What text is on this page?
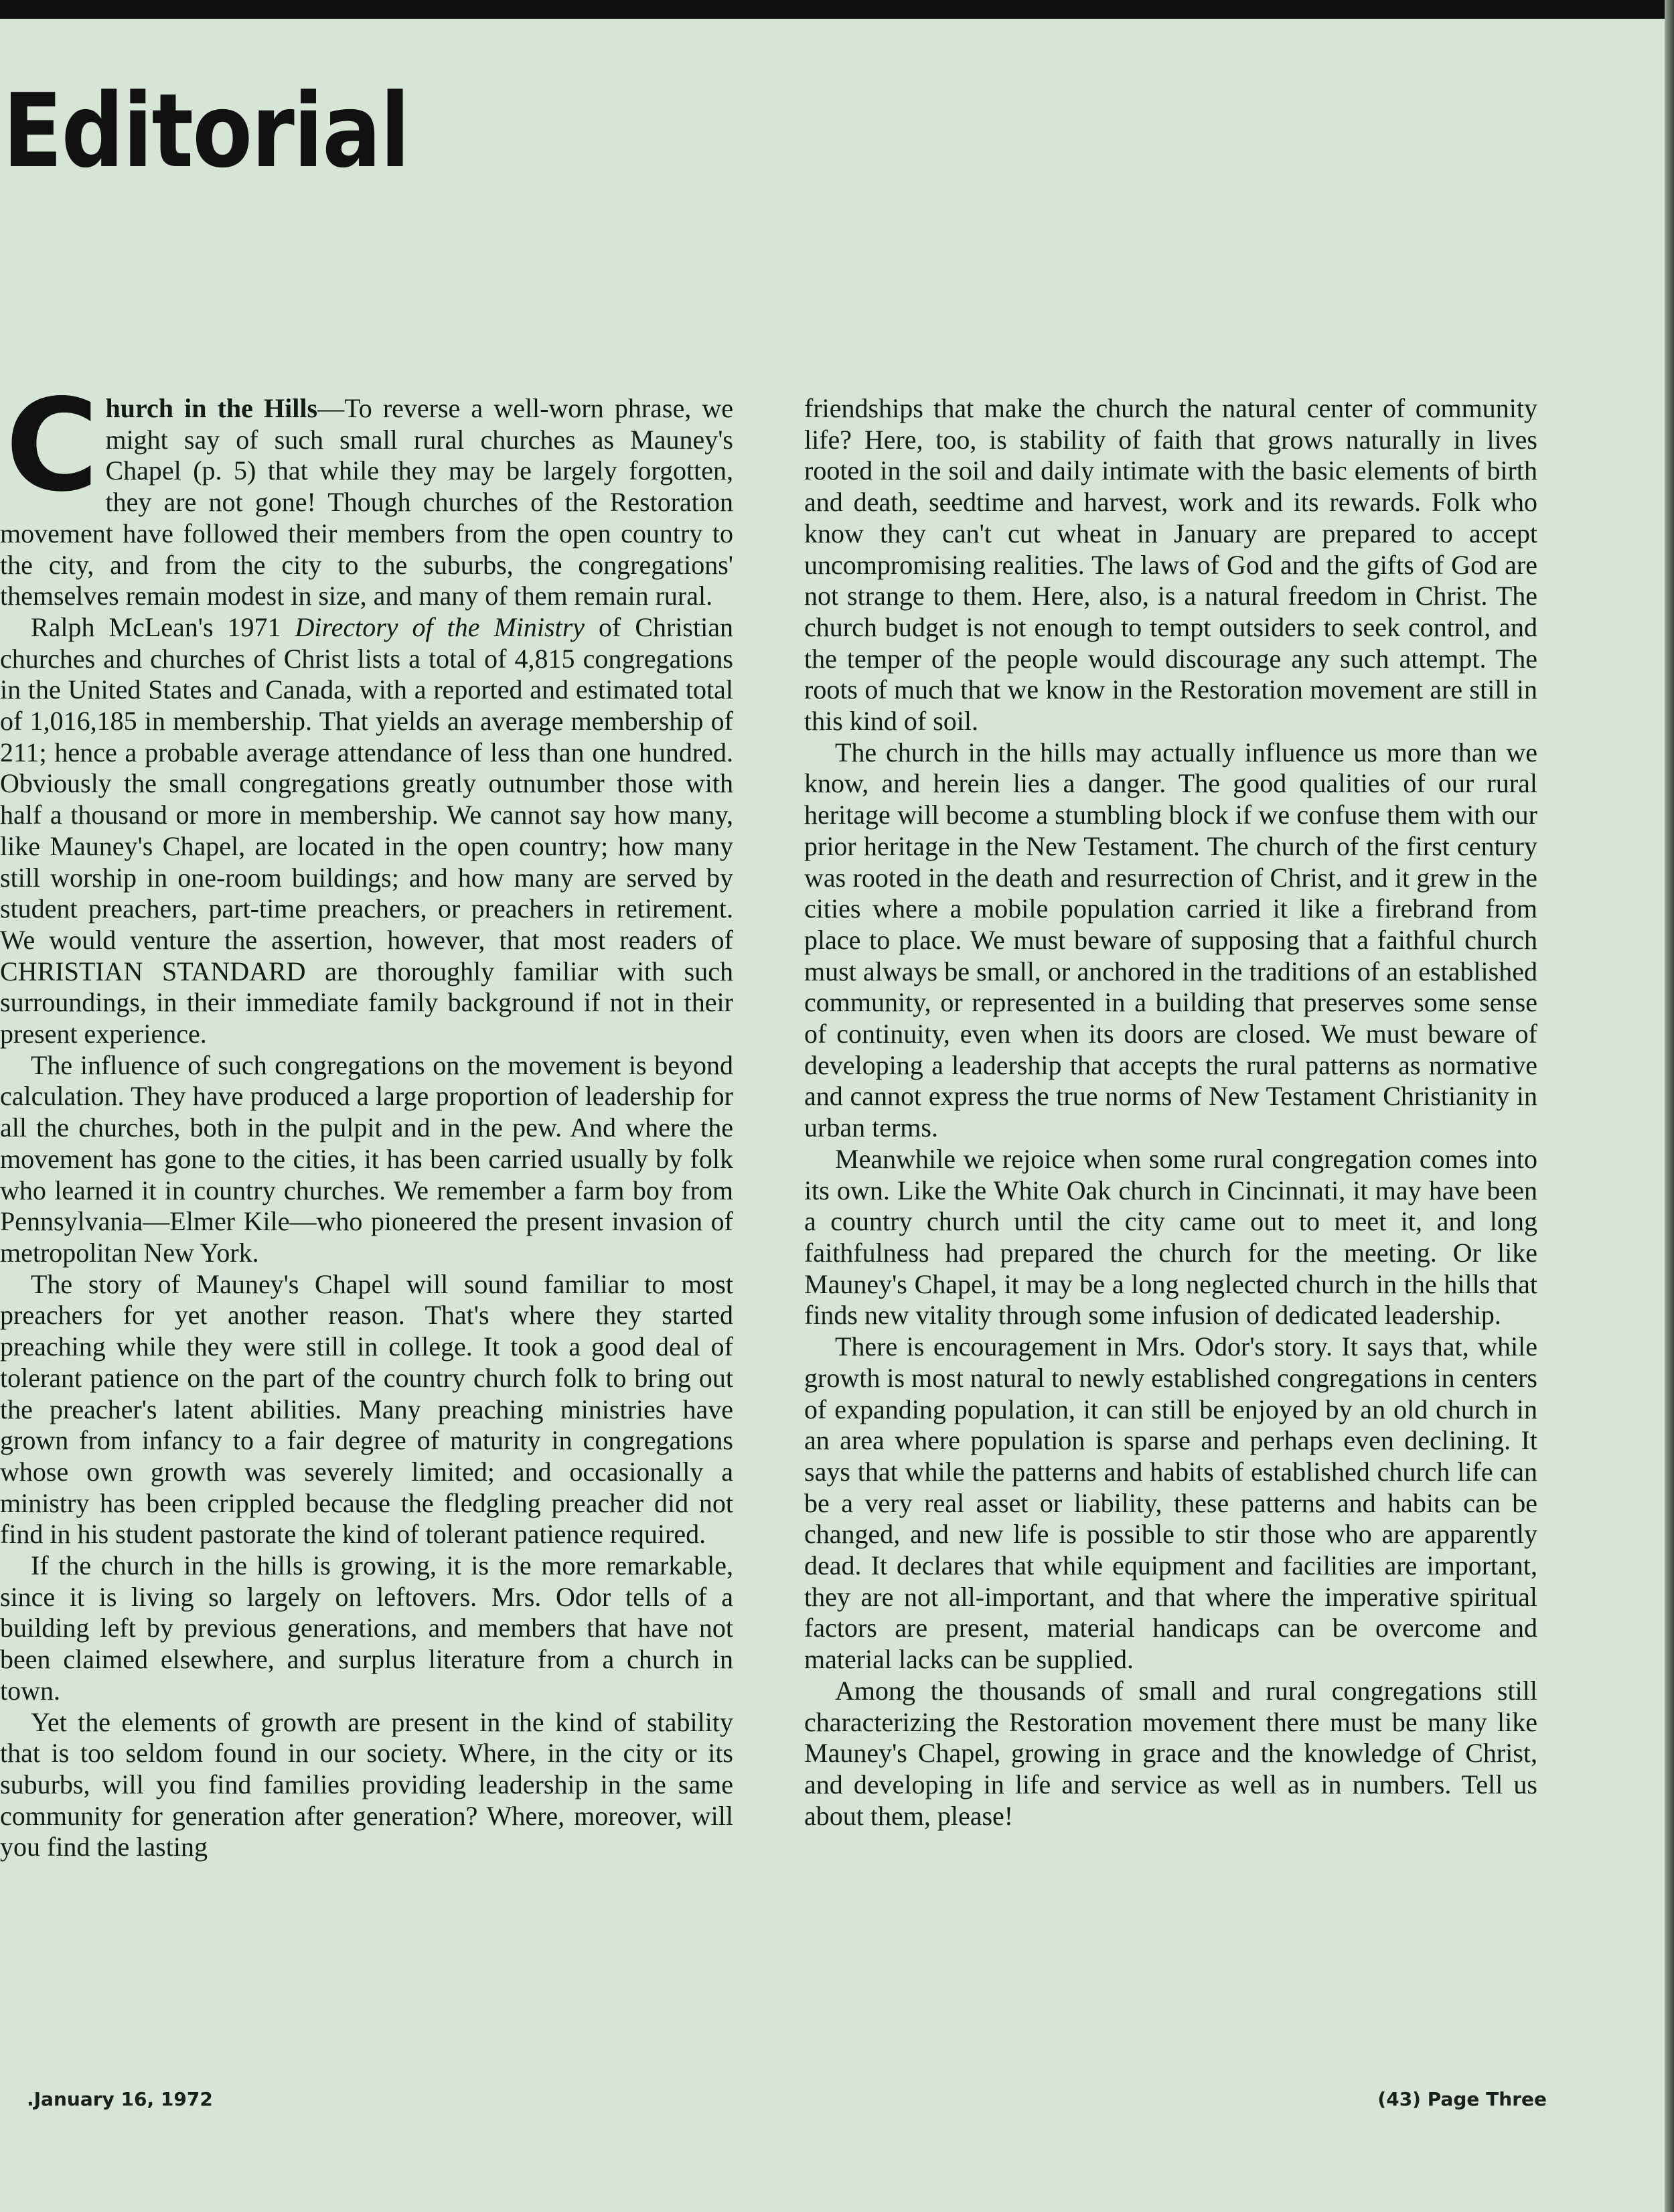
Editorial

Church in the Hills—To reverse a well-worn phrase, we might say of such small rural churches as Mauney's Chapel (p. 5) that while they may be largely forgotten, they are not gone! Though churches of the Restoration movement have followed their members from the open country to the city, and from the city to the suburbs, the congregations' themselves remain modest in size, and many of them remain rural.

Ralph McLean's 1971 Directory of the Ministry of Christian churches and churches of Christ lists a total of 4,815 congregations in the United States and Canada, with a reported and estimated total of 1,016,185 in membership. That yields an average membership of 211; hence a probable average attendance of less than one hundred. Obviously the small congregations greatly outnumber those with half a thousand or more in membership. We cannot say how many, like Mauney's Chapel, are located in the open country; how many still worship in one-room buildings; and how many are served by student preachers, part-time preachers, or preachers in retirement. We would venture the assertion, however, that most readers of CHRISTIAN STANDARD are thoroughly familiar with such surroundings, in their immediate family background if not in their present experience.

The influence of such congregations on the movement is beyond calculation. They have produced a large proportion of leadership for all the churches, both in the pulpit and in the pew. And where the movement has gone to the cities, it has been carried usually by folk who learned it in country churches. We remember a farm boy from Pennsylvania—Elmer Kile—who pioneered the present invasion of metropolitan New York.

The story of Mauney's Chapel will sound familiar to most preachers for yet another reason. That's where they started preaching while they were still in college. It took a good deal of tolerant patience on the part of the country church folk to bring out the preacher's latent abilities. Many preaching ministries have grown from infancy to a fair degree of maturity in congregations whose own growth was severely limited; and occasionally a ministry has been crippled because the fledgling preacher did not find in his student pastorate the kind of tolerant patience required.

If the church in the hills is growing, it is the more remarkable, since it is living so largely on leftovers. Mrs. Odor tells of a building left by previous generations, and members that have not been claimed elsewhere, and surplus literature from a church in town.

Yet the elements of growth are present in the kind of stability that is too seldom found in our society. Where, in the city or its suburbs, will you find families providing leadership in the same community for generation after generation? Where, moreover, will you find the lasting

friendships that make the church the natural center of community life? Here, too, is stability of faith that grows naturally in lives rooted in the soil and daily intimate with the basic elements of birth and death, seedtime and harvest, work and its rewards. Folk who know they can't cut wheat in January are prepared to accept uncompromising realities. The laws of God and the gifts of God are not strange to them. Here, also, is a natural freedom in Christ. The church budget is not enough to tempt outsiders to seek control, and the temper of the people would discourage any such attempt. The roots of much that we know in the Restoration movement are still in this kind of soil.

The church in the hills may actually influence us more than we know, and herein lies a danger. The good qualities of our rural heritage will become a stumbling block if we confuse them with our prior heritage in the New Testament. The church of the first century was rooted in the death and resurrection of Christ, and it grew in the cities where a mobile population carried it like a firebrand from place to place. We must beware of supposing that a faithful church must always be small, or anchored in the traditions of an established community, or represented in a building that preserves some sense of continuity, even when its doors are closed. We must beware of developing a leadership that accepts the rural patterns as normative and cannot express the true norms of New Testament Christianity in urban terms.

Meanwhile we rejoice when some rural congregation comes into its own. Like the White Oak church in Cincinnati, it may have been a country church until the city came out to meet it, and long faithfulness had prepared the church for the meeting. Or like Mauney's Chapel, it may be a long neglected church in the hills that finds new vitality through some infusion of dedicated leadership.

There is encouragement in Mrs. Odor's story. It says that, while growth is most natural to newly established congregations in centers of expanding population, it can still be enjoyed by an old church in an area where population is sparse and perhaps even declining. It says that while the patterns and habits of established church life can be a very real asset or liability, these patterns and habits can be changed, and new life is possible to stir those who are apparently dead. It declares that while equipment and facilities are important, they are not all-important, and that where the imperative spiritual factors are present, material handicaps can be overcome and material lacks can be supplied.

Among the thousands of small and rural congregations still characterizing the Restoration movement there must be many like Mauney's Chapel, growing in grace and the knowledge of Christ, and developing in life and service as well as in numbers. Tell us about them, please!

.January 16, 1972	(43) Page Three
